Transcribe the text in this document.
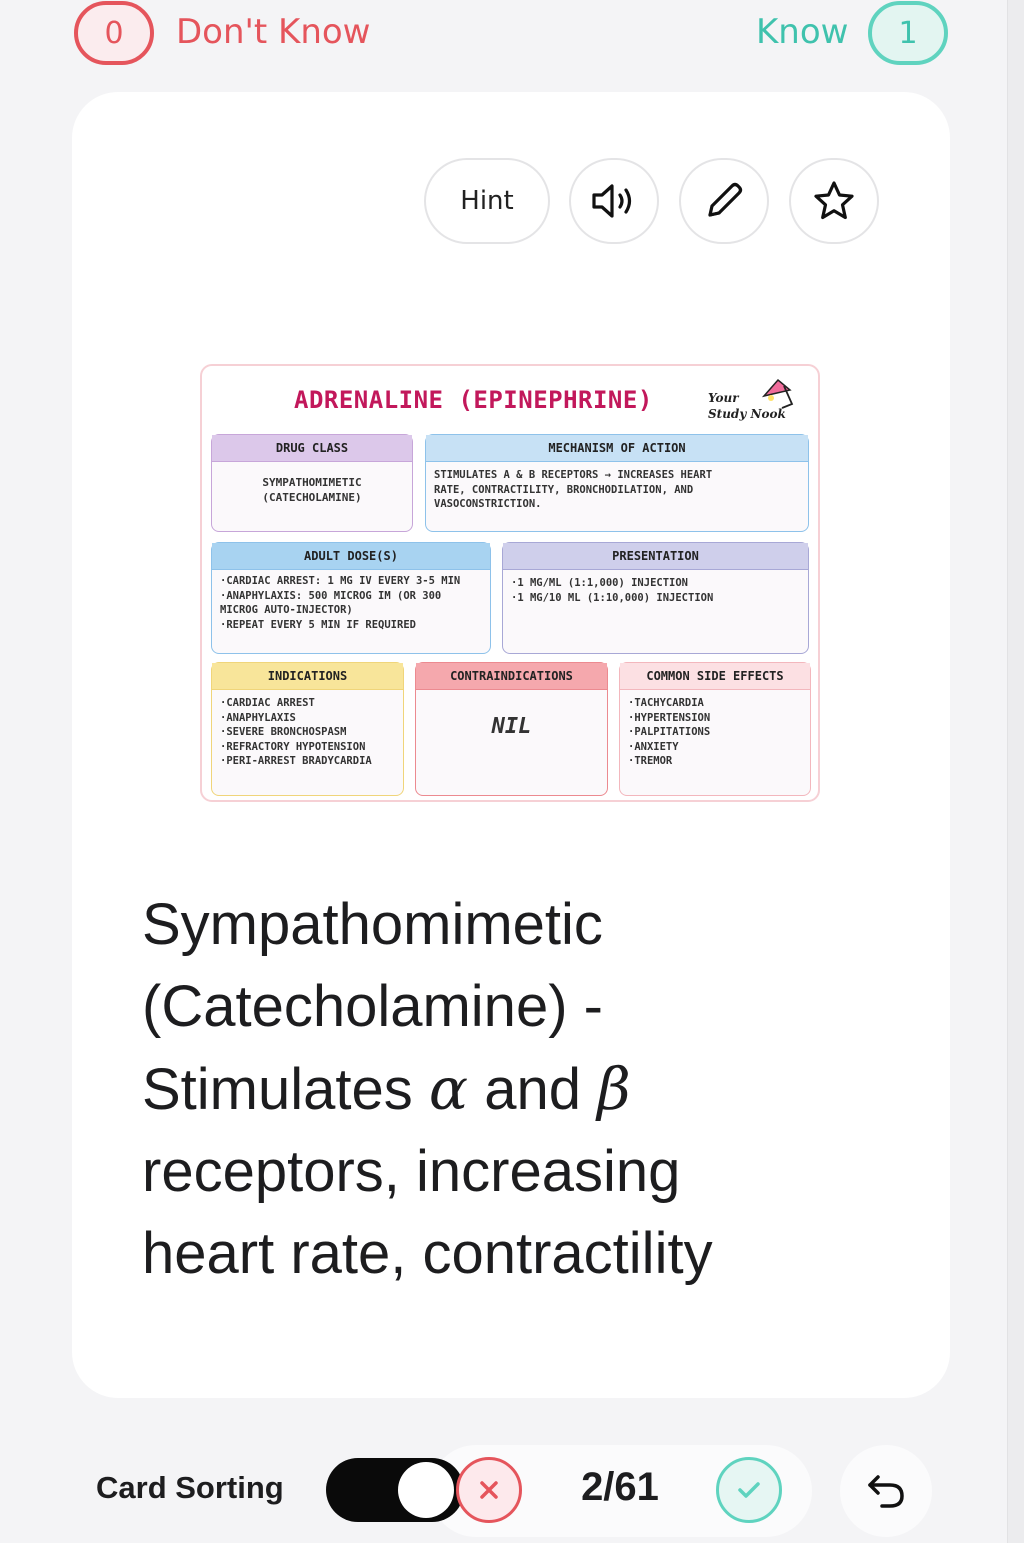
0 Don't Know	Know 1
Hint
ADRENALINE (EPINEPHRINE)	Your
Study Nook
DRUG CLASS
SYMPATHOMIMETIC
(CATECHOLAMINE)
MECHANISM OF ACTION
STIMULATES Α & Β RECEPTORS → INCREASES HEART
RATE, CONTRACTILITY, BRONCHODILATION, AND
VASOCONSTRICTION.
ADULT DOSE(S)
·CARDIAC ARREST: 1 MG IV EVERY 3-5 MIN
·ANAPHYLAXIS: 500 MICROG IM (OR 300
MICROG AUTO-INJECTOR)
·REPEAT EVERY 5 MIN IF REQUIRED
PRESENTATION
·1 MG/ML (1:1,000) INJECTION
·1 MG/10 ML (1:10,000) INJECTION
INDICATIONS
·CARDIAC ARREST
·ANAPHYLAXIS
·SEVERE BRONCHOSPASM
·REFRACTORY HYPOTENSION
·PERI-ARREST BRADYCARDIA
CONTRAINDICATIONS
NIL
COMMON SIDE EFFECTS
·TACHYCARDIA
·HYPERTENSION
·PALPITATIONS
·ANXIETY
·TREMOR
Sympathomimetic (Catecholamine) - Stimulates α and β receptors, increasing heart rate, contractility
Card Sorting	2/61
